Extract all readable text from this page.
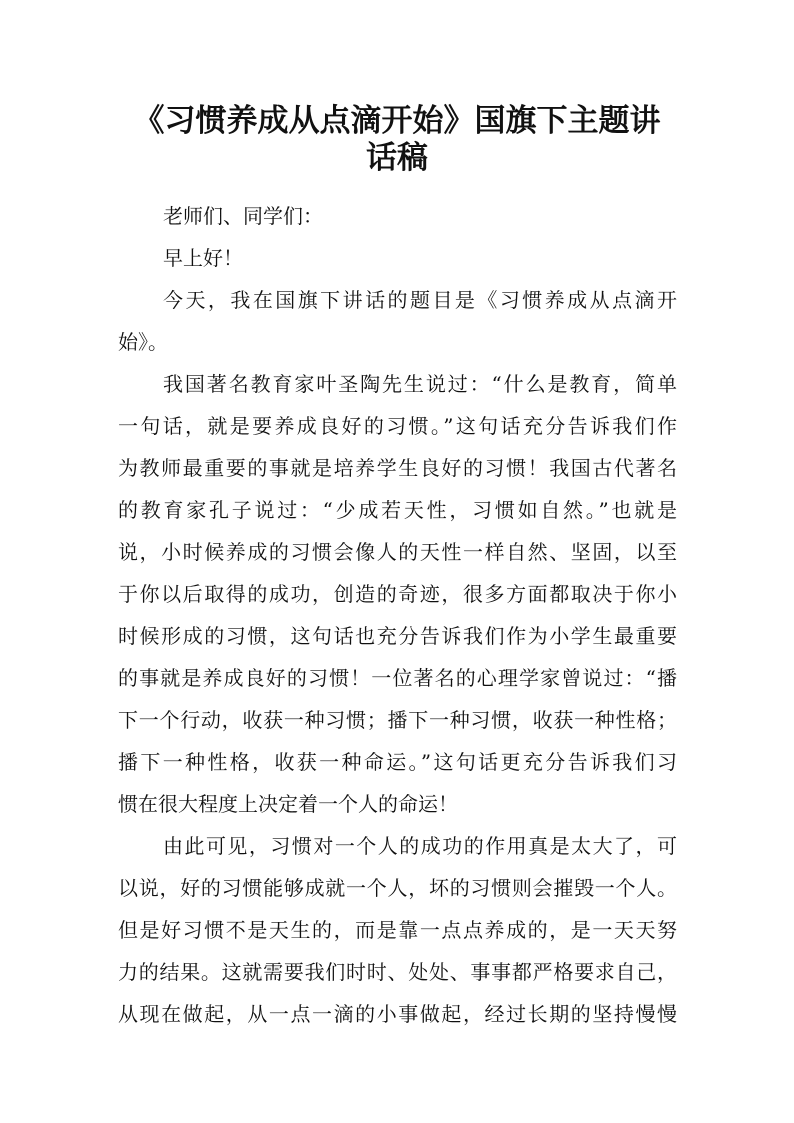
《习惯养成从点滴开始》国旗下主题讲
话稿
老师们、同学们：
早上好！
今天，我在国旗下讲话的题目是《习惯养成从点滴开
始》。
我国著名教育家叶圣陶先生说过：“什么是教育，简单
一句话，就是要养成良好的习惯。”这句话充分告诉我们作
为教师最重要的事就是培养学生良好的习惯！我国古代著名
的教育家孔子说过：“少成若天性，习惯如自然。”也就是
说，小时候养成的习惯会像人的天性一样自然、坚固，以至
于你以后取得的成功，创造的奇迹，很多方面都取决于你小
时候形成的习惯，这句话也充分告诉我们作为小学生最重要
的事就是养成良好的习惯！一位著名的心理学家曾说过：“播
下一个行动，收获一种习惯；播下一种习惯，收获一种性格；
播下一种性格，收获一种命运。”这句话更充分告诉我们习
惯在很大程度上决定着一个人的命运！
由此可见，习惯对一个人的成功的作用真是太大了，可
以说，好的习惯能够成就一个人，坏的习惯则会摧毁一个人。
但是好习惯不是天生的，而是靠一点点养成的，是一天天努
力的结果。这就需要我们时时、处处、事事都严格要求自己，
从现在做起，从一点一滴的小事做起，经过长期的坚持慢慢
